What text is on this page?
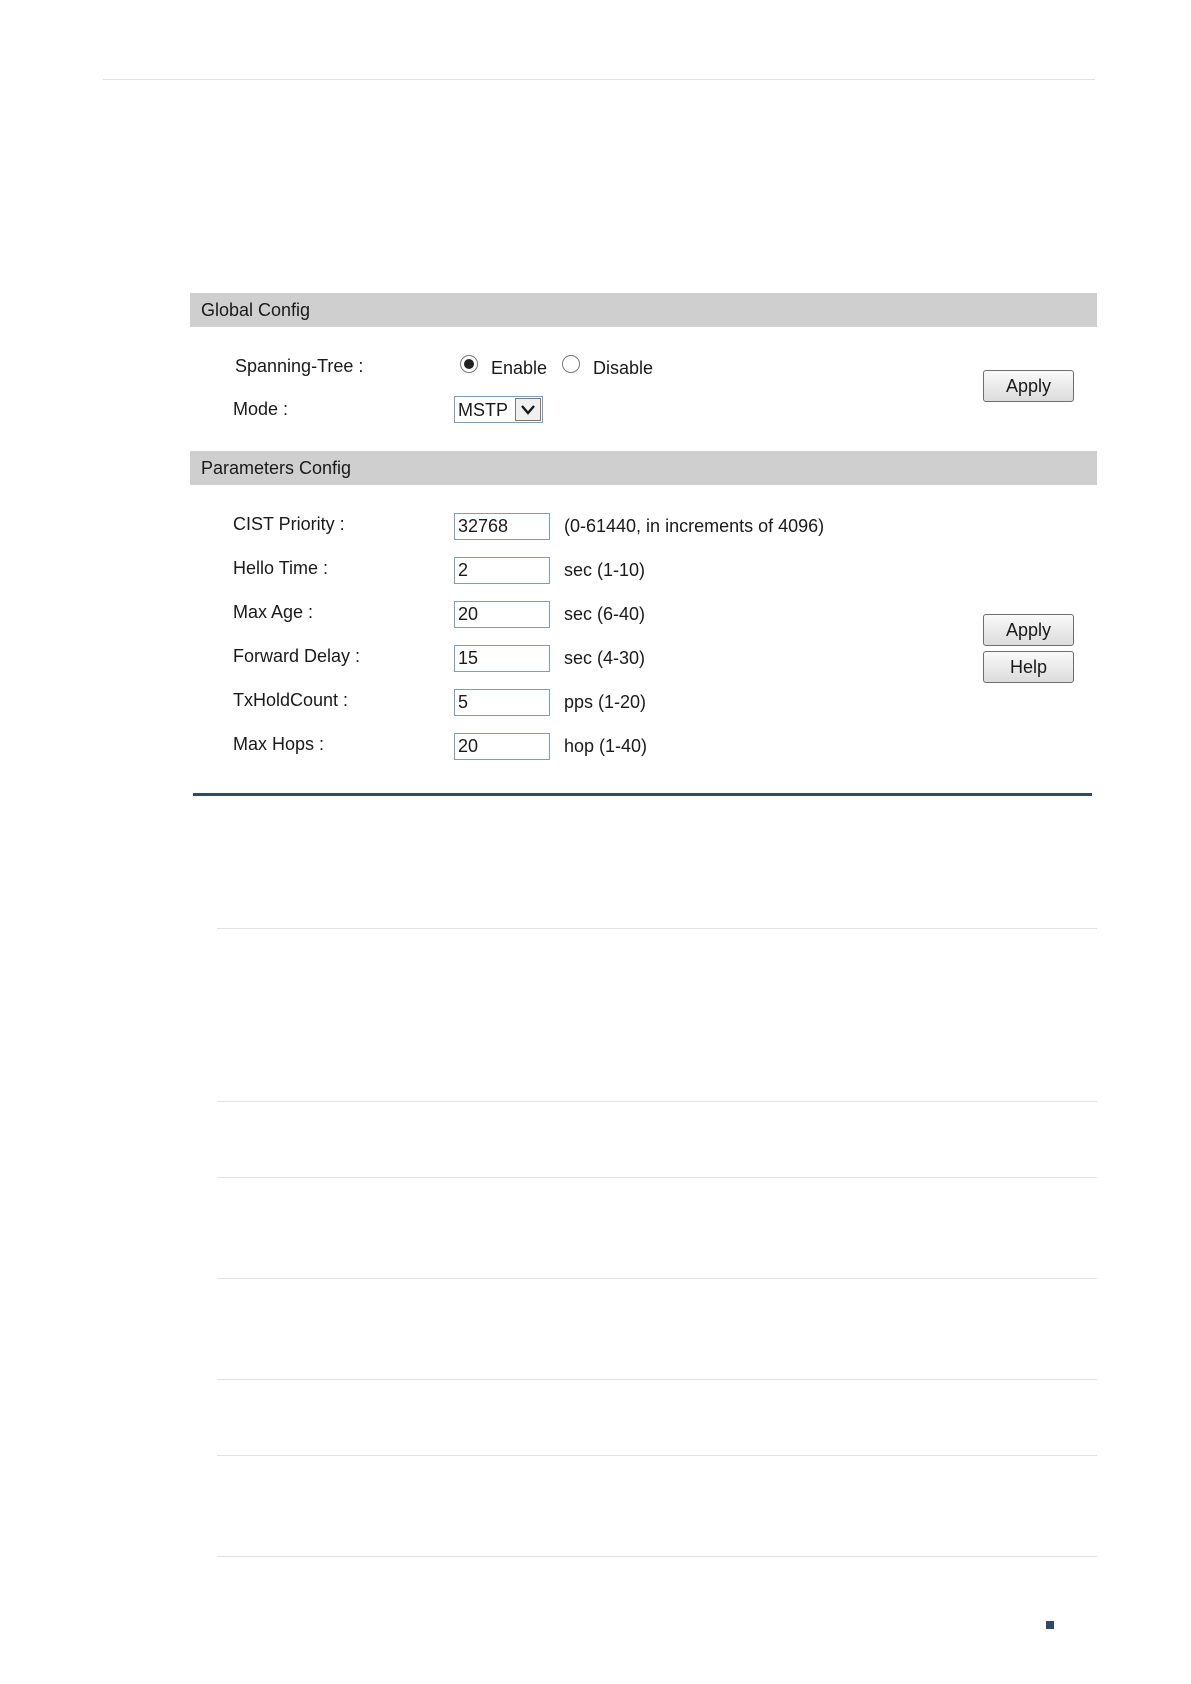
Global Config
Spanning-Tree :	Enable	Disable
Mode :	MSTP
Apply
Parameters Config
CIST Priority :
32768	(0-61440, in increments of 4096)
Hello Time :
2	sec (1-10)
Max Age :
20	sec (6-40)
Forward Delay :
15	sec (4-30)
TxHoldCount :
5	pps (1-20)
Max Hops :
20	hop (1-40)
Apply
Help
